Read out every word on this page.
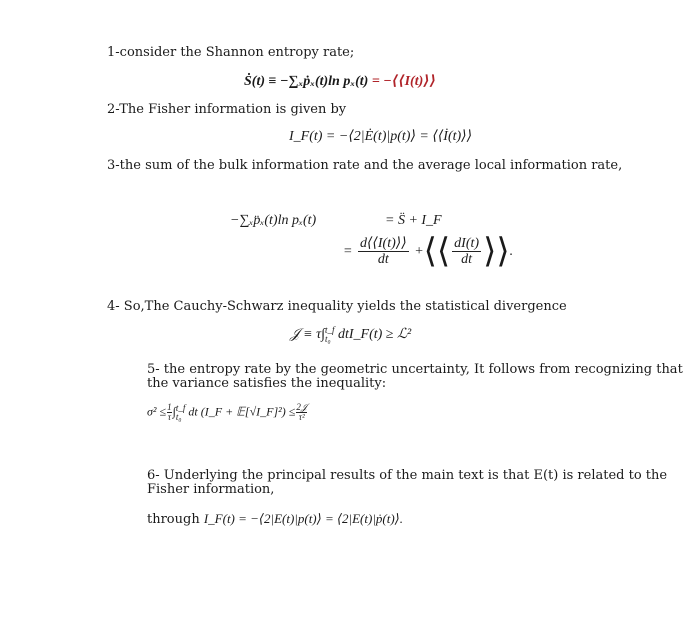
1-consider the Shannon entropy rate;
Ṡ(t) ≡ −∑ₓṗₓ(t)ln pₓ(t) = −⟨⟨I(t)⟩⟩
2-The Fisher information is given by
I_F(t) = −⟨2|Ė(t)|p(t)⟩ = ⟨⟨İ(t)⟩⟩
3-the sum of the bulk information rate and the average local information rate,
−∑ₓp̈ₓ(t)ln pₓ(t)	= S̈ + I_F
= $\frac{d⟨⟨I(t)⟩⟩}{dt}$ +⟨⟨ $\frac{dI(t)}{dt}$ ⟩⟩.
4- So,The Cauchy-Schwarz inequality yields the statistical divergence
𝒥 ≡ τ∫ t_f
t₀ dtI_F(t) ≥ ℒ²
5- the entropy rate by the geometric uncertainty, It follows from recognizing that
the variance satisfies the inequality:
$\sigma^2 \le \frac{1}{\tau}$ ∫ t_f
t₀ dt (I_F + 𝔼[√I_F]²) ≤ 2𝒥
τ²
6- Underlying the principal results of the main text is that E(t) is related to the
Fisher information,
through I_F(t) = −⟨2|E(t)|p(t)⟩ = ⟨2|E(t)|ṗ(t)⟩.
